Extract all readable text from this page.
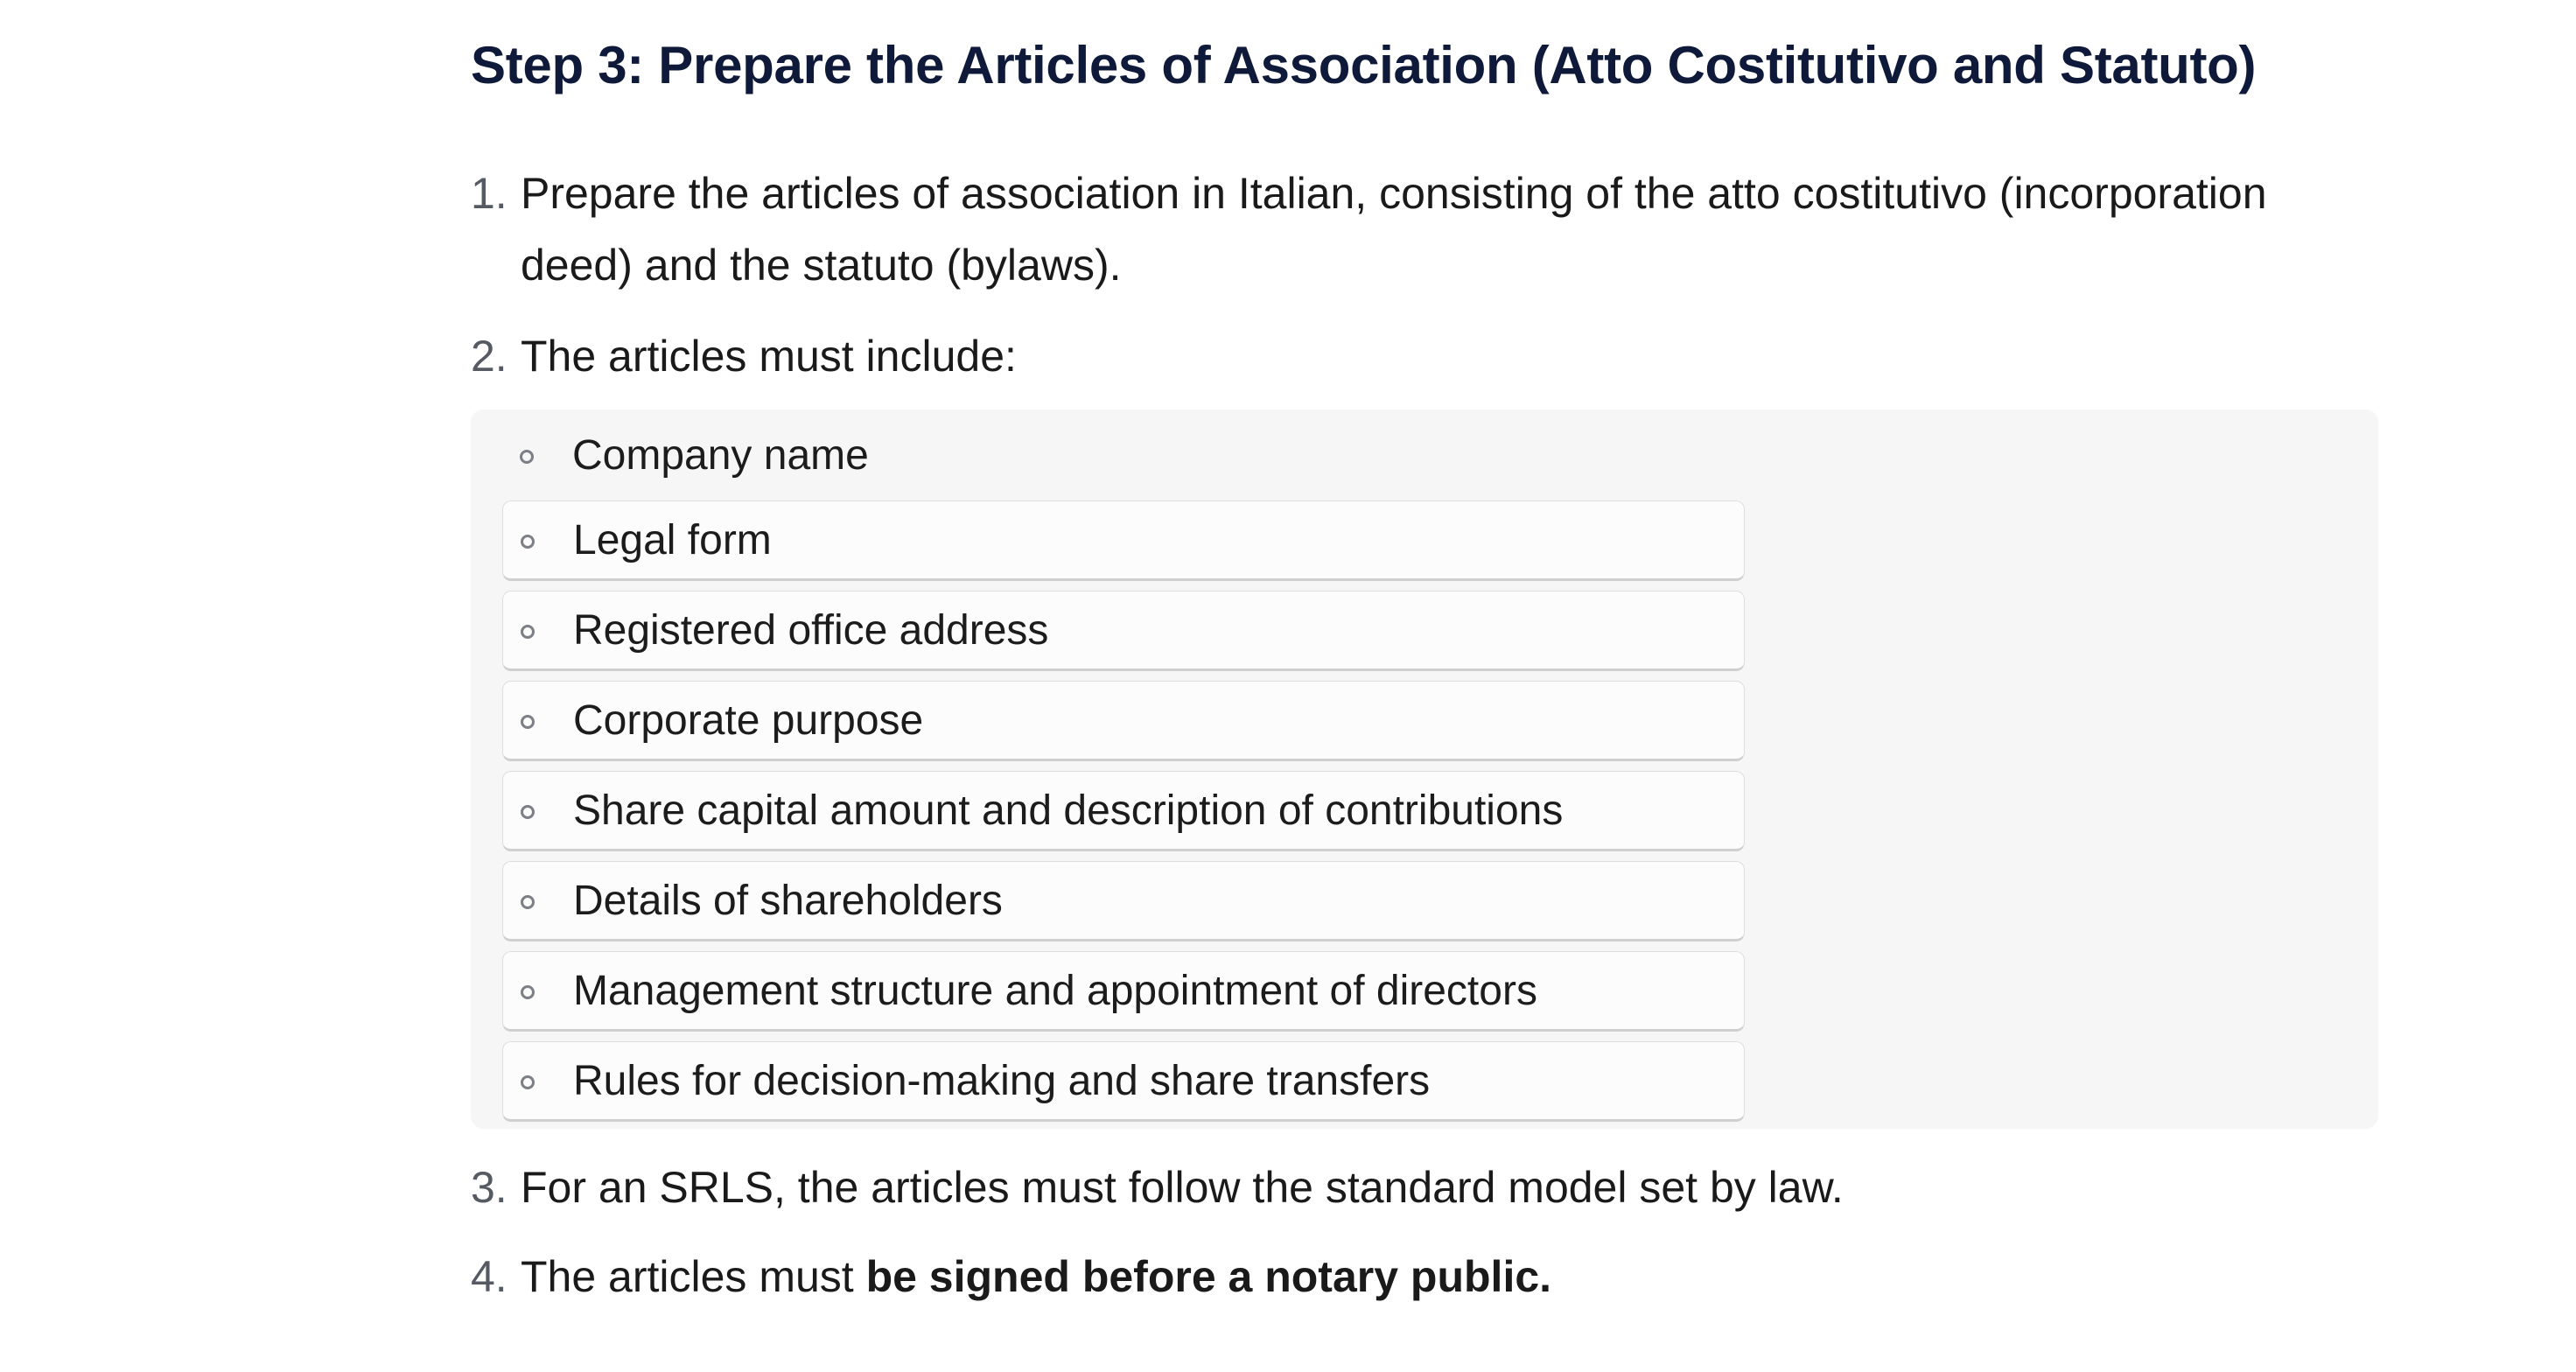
Step 3: Prepare the Articles of Association (Atto Costitutivo and Statuto)
1. Prepare the articles of association in Italian, consisting of the atto costitutivo (incorporation deed) and the statuto (bylaws).
2. The articles must include:
Company name
Legal form
Registered office address
Corporate purpose
Share capital amount and description of contributions
Details of shareholders
Management structure and appointment of directors
Rules for decision-making and share transfers
3. For an SRLS, the articles must follow the standard model set by law.
4. The articles must be signed before a notary public.
